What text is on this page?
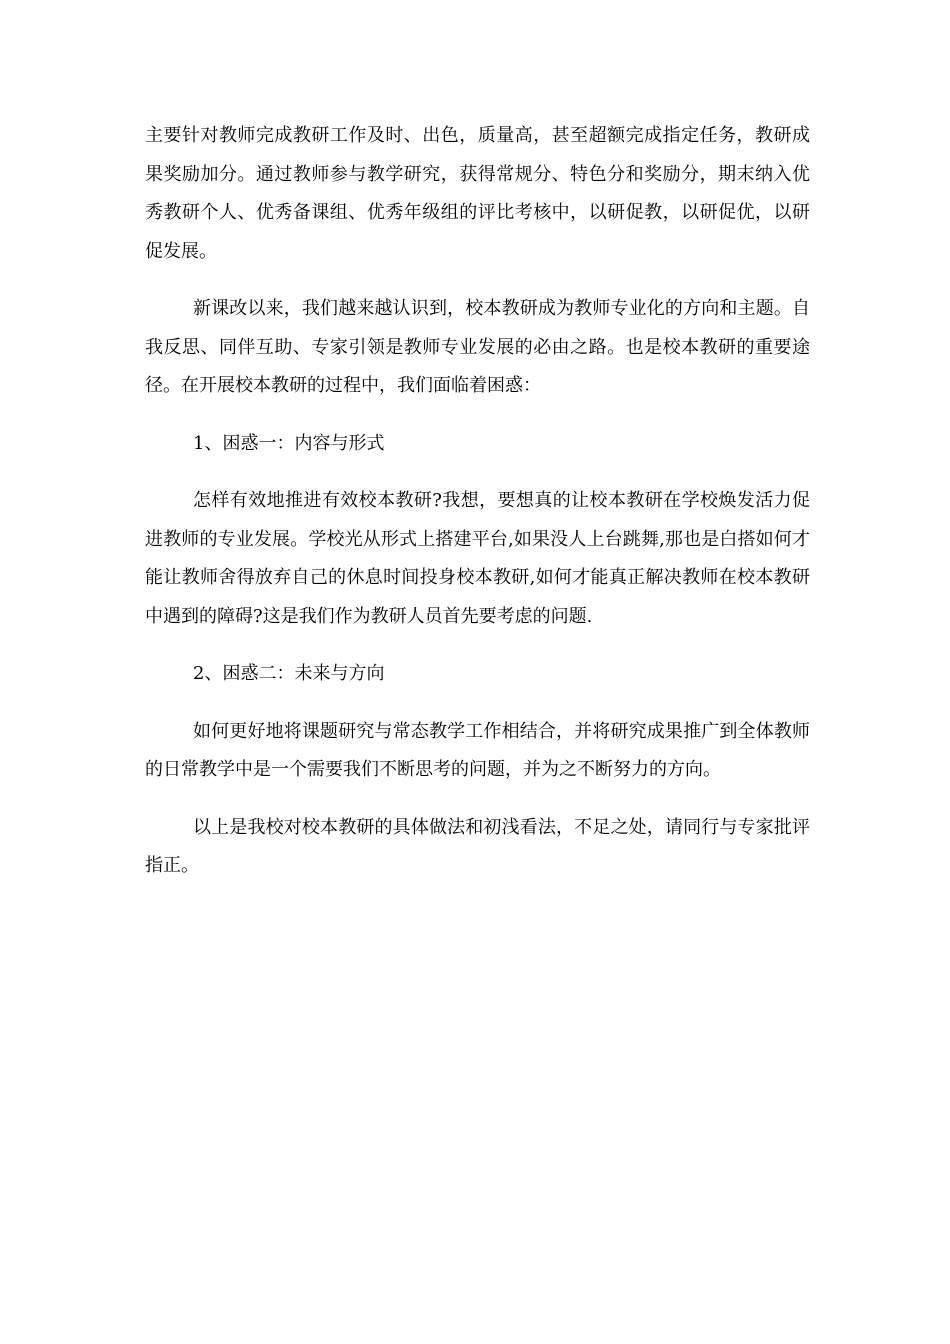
主要针对教师完成教研工作及时、出色，质量高，甚至超额完成指定任务，教研成果奖励加分。通过教师参与教学研究，获得常规分、特色分和奖励分，期末纳入优秀教研个人、优秀备课组、优秀年级组的评比考核中，以研促教，以研促优，以研促发展。

新课改以来，我们越来越认识到，校本教研成为教师专业化的方向和主题。自我反思、同伴互助、专家引领是教师专业发展的必由之路。也是校本教研的重要途径。在开展校本教研的过程中，我们面临着困惑：

1、困惑一：内容与形式

怎样有效地推进有效校本教研?我想，要想真的让校本教研在学校焕发活力促进教师的专业发展。学校光从形式上搭建平台,如果没人上台跳舞,那也是白搭如何才能让教师舍得放弃自己的休息时间投身校本教研,如何才能真正解决教师在校本教研中遇到的障碍?这是我们作为教研人员首先要考虑的问题.

2、困惑二：未来与方向

如何更好地将课题研究与常态教学工作相结合，并将研究成果推广到全体教师的日常教学中是一个需要我们不断思考的问题，并为之不断努力的方向。

以上是我校对校本教研的具体做法和初浅看法，不足之处，请同行与专家批评指正。
